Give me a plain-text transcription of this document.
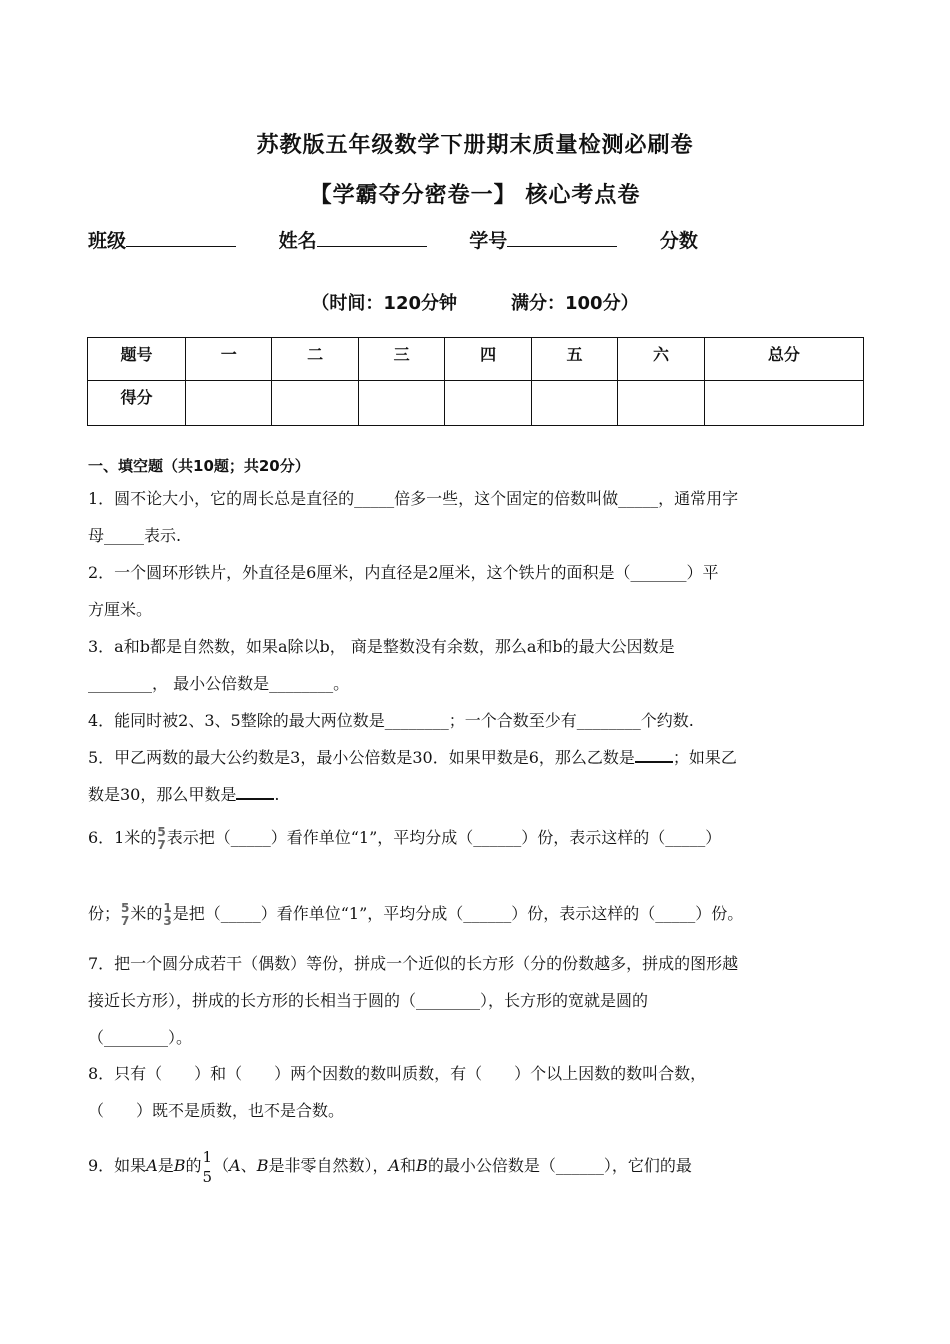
苏教版五年级数学下册期末质量检测必刷卷
【学霸夺分密卷一】 核心考点卷
班级	姓名	学号	分数
（时间：120分钟	满分：100分）
题号	一	二	三	四	五	六	总分
得分							
一、填空题（共10题；共20分）
1．圆不论大小，它的周长总是直径的_____倍多一些，这个固定的倍数叫做_____，通常用字
母_____表示.
2．一个圆环形铁片，外直径是6厘米，内直径是2厘米，这个铁片的面积是（_______）平
方厘米。
3．a和b都是自然数，如果a除以b， 商是整数没有余数，那么a和b的最大公因数是
________， 最小公倍数是________。
4．能同时被2、3、5整除的最大两位数是________；一个合数至少有________个约数.
5．甲乙两数的最大公约数是3，最小公倍数是30．如果甲数是6，那么乙数是 ；如果乙
数是30，那么甲数是 .
6．1米的 5
7 表示把（_____）看作单位“1”，平均分成（______）份，表示这样的（_____）
份； 5
7 米的 1
3 是把（_____）看作单位“1”，平均分成（______）份，表示这样的（_____）份。
7．把一个圆分成若干（偶数）等份，拼成一个近似的长方形（分的份数越多，拼成的图形越
接近长方形），拼成的长方形的长相当于圆的（________），长方形的宽就是圆的
（________）。
8．只有（　　）和（　　）两个因数的数叫质数，有（　　）个以上因数的数叫合数，
（　　）既不是质数，也不是合数。
9．如果A是B的 1
5
（A、B是非零自然数），A和B的最小公倍数是（______），它们的最
